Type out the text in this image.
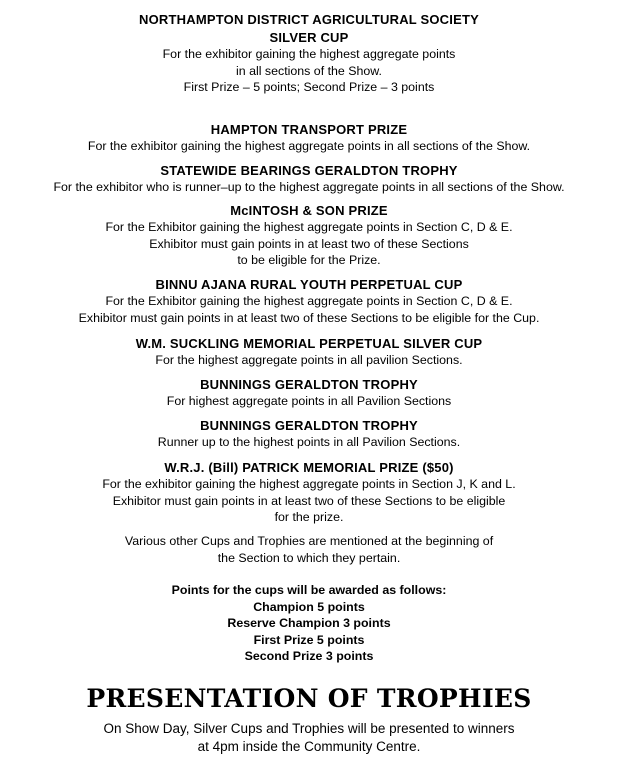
NORTHAMPTON DISTRICT AGRICULTURAL SOCIETY
SILVER CUP
For the exhibitor gaining the highest aggregate points
in all sections of the Show.
First Prize – 5 points; Second Prize – 3 points
HAMPTON TRANSPORT PRIZE
For the exhibitor gaining the highest aggregate points in all sections of the Show.
STATEWIDE BEARINGS GERALDTON TROPHY
For the exhibitor who is runner–up to the highest aggregate points in all sections of the Show.
McINTOSH & SON PRIZE
For the Exhibitor gaining the highest aggregate points in Section C, D & E.
Exhibitor must gain points in at least two of these Sections
to be eligible for the Prize.
BINNU AJANA RURAL YOUTH PERPETUAL CUP
For the Exhibitor gaining the highest aggregate points in Section C, D & E.
Exhibitor must gain points in at least two of these Sections to be eligible for the Cup.
W.M. SUCKLING MEMORIAL PERPETUAL SILVER CUP
For the highest aggregate points in all pavilion Sections.
BUNNINGS GERALDTON TROPHY
For highest aggregate points in all Pavilion Sections
BUNNINGS GERALDTON TROPHY
Runner up to the highest points in all Pavilion Sections.
W.R.J. (Bill) PATRICK MEMORIAL PRIZE ($50)
For the exhibitor gaining the highest aggregate points in Section J, K and L.
Exhibitor must gain points in at least two of these Sections to be eligible
for the prize.
Various other Cups and Trophies are mentioned at the beginning of
the Section to which they pertain.
Points for the cups will be awarded as follows:
Champion 5 points
Reserve Champion 3 points
First Prize 5 points
Second Prize 3 points
PRESENTATION OF TROPHIES
On Show Day, Silver Cups and Trophies will be presented to winners
at 4pm inside the Community Centre.
